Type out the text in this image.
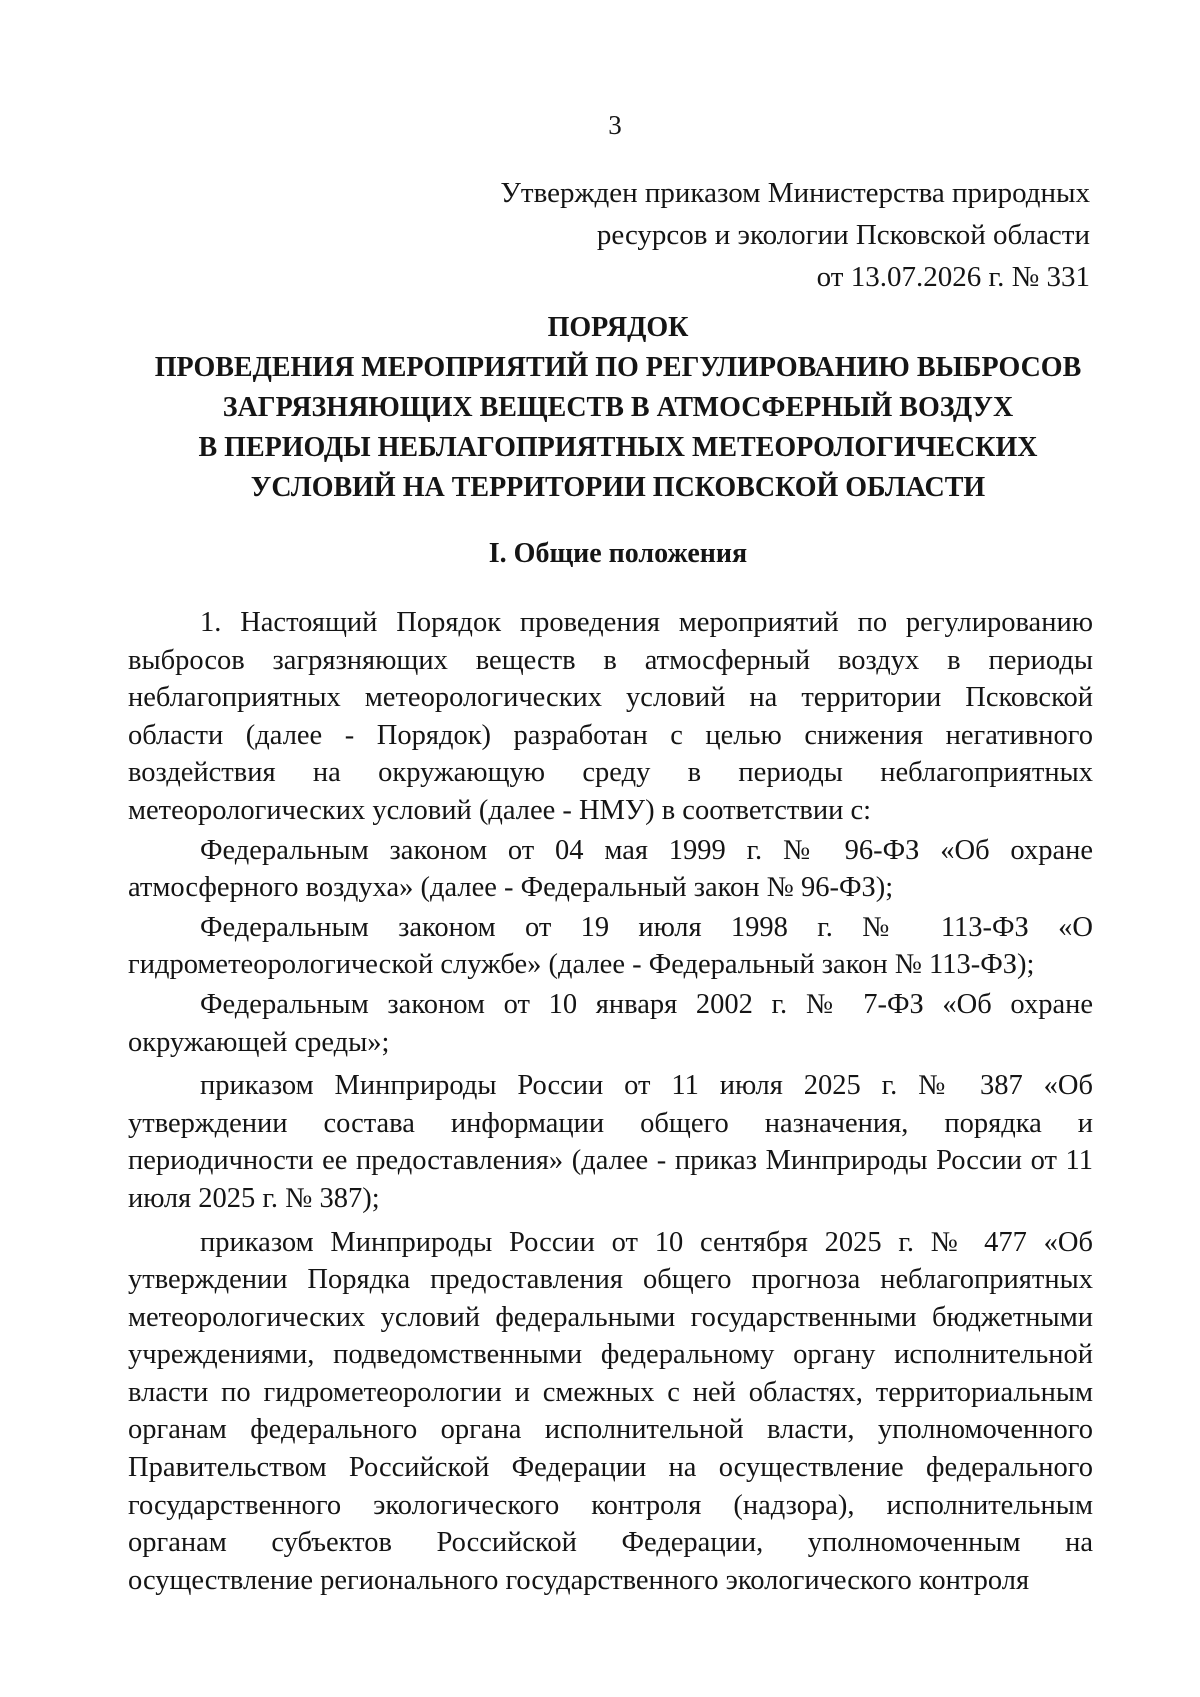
3
Утвержден приказом Министерства природных
ресурсов и экологии Псковской области
от 13.07.2026 г. № 331
ПОРЯДОК
ПРОВЕДЕНИЯ МЕРОПРИЯТИЙ ПО РЕГУЛИРОВАНИЮ ВЫБРОСОВ
ЗАГРЯЗНЯЮЩИХ ВЕЩЕСТВ В АТМОСФЕРНЫЙ ВОЗДУХ
В ПЕРИОДЫ НЕБЛАГОПРИЯТНЫХ МЕТЕОРОЛОГИЧЕСКИХ
УСЛОВИЙ НА ТЕРРИТОРИИ ПСКОВСКОЙ ОБЛАСТИ
I. Общие положения

1. Настоящий Порядок проведения мероприятий по регулированию выбросов загрязняющих веществ в атмосферный воздух в периоды неблагоприятных метеорологических условий на территории Псковской области (далее - Порядок) разработан с целью снижения негативного воздействия на окружающую среду в периоды неблагоприятных метеорологических условий (далее - НМУ) в соответствии с:

Федеральным законом от 04 мая 1999 г. № 96-ФЗ «Об охране атмосферного воздуха» (далее - Федеральный закон № 96-ФЗ);

Федеральным законом от 19 июля 1998 г. № 113-ФЗ «О гидрометеорологической службе» (далее - Федеральный закон № 113-ФЗ);

Федеральным законом от 10 января 2002 г. № 7-ФЗ «Об охране окружающей среды»;

приказом Минприроды России от 11 июля 2025 г. № 387 «Об утверждении состава информации общего назначения, порядка и периодичности ее предоставления» (далее - приказ Минприроды России от 11 июля 2025 г. № 387);

приказом Минприроды России от 10 сентября 2025 г. № 477 «Об утверждении Порядка предоставления общего прогноза неблагоприятных метеорологических условий федеральными государственными бюджетными учреждениями, подведомственными федеральному органу исполнительной власти по гидрометеорологии и смежных с ней областях, территориальным органам федерального органа исполнительной власти, уполномоченного Правительством Российской Федерации на осуществление федерального государственного экологического контроля (надзора), исполнительным органам субъектов Российской Федерации, уполномоченным на осуществление регионального государственного экологического контроля
